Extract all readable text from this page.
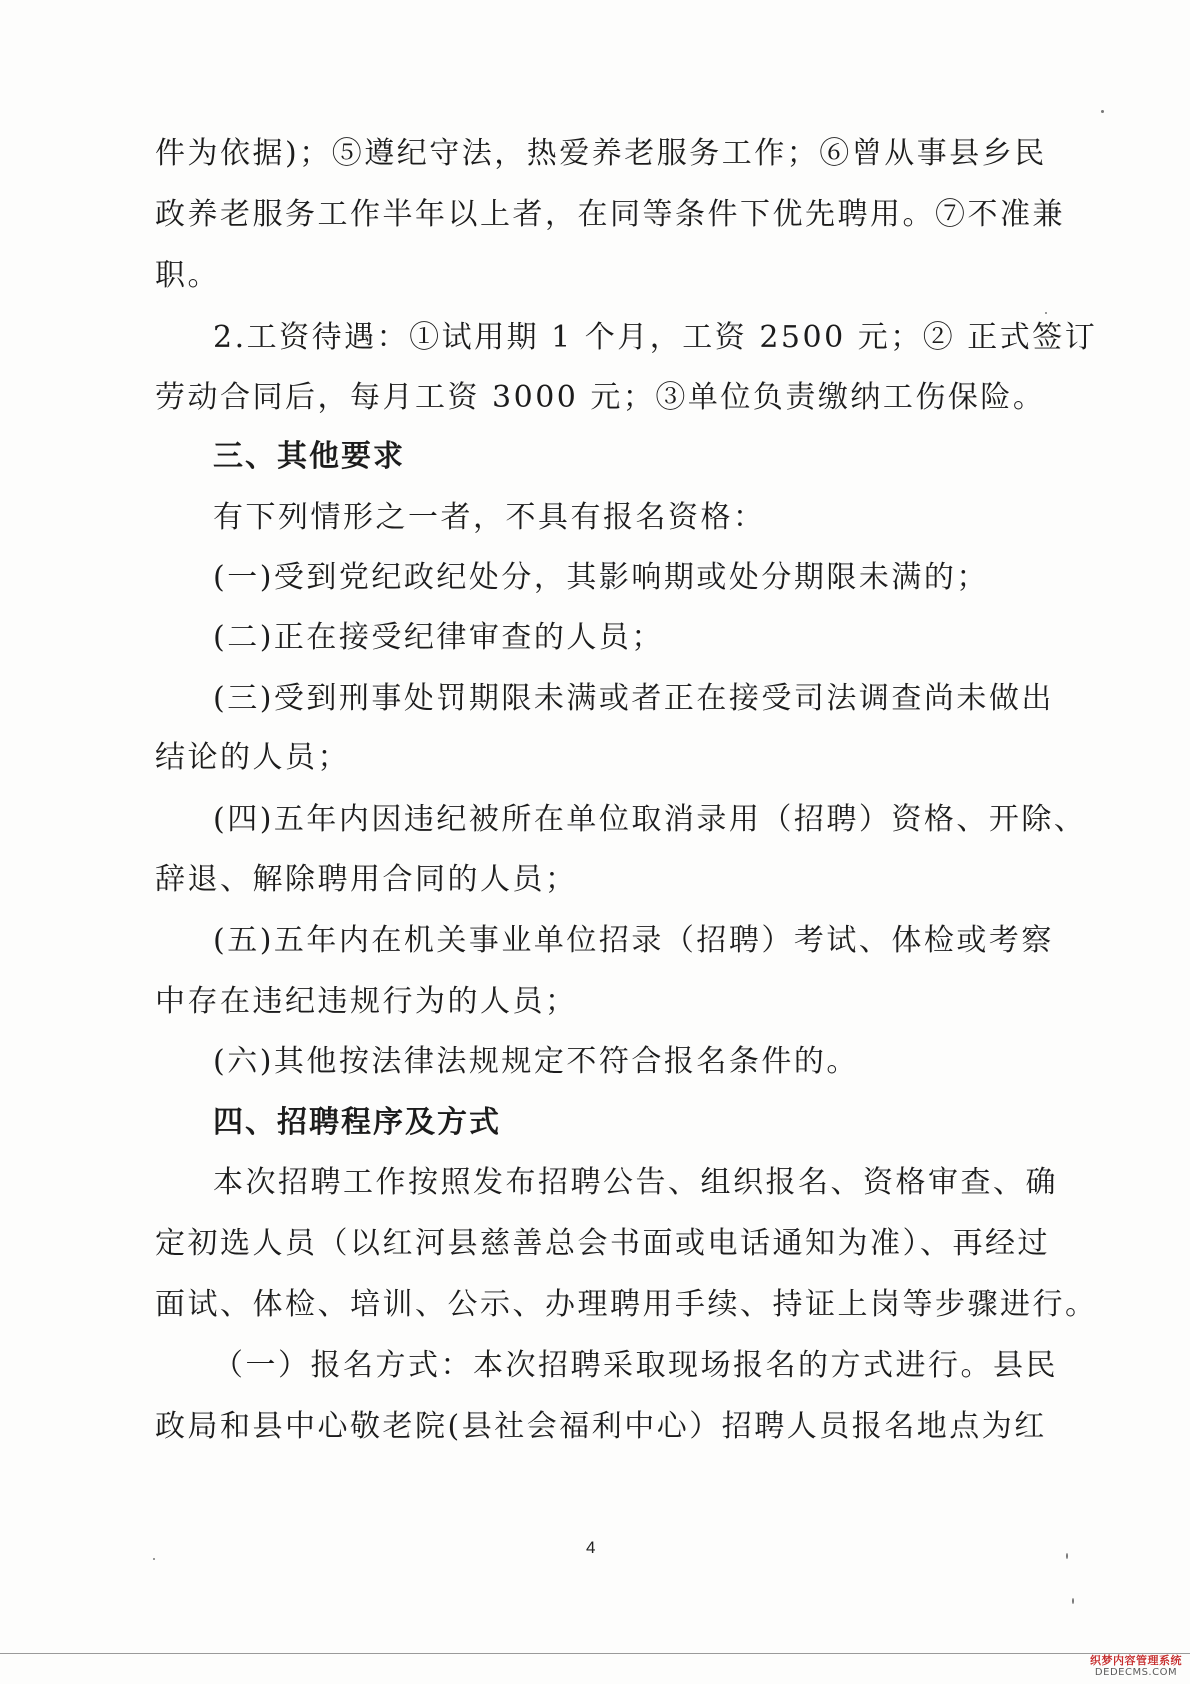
件为依据)；⑤遵纪守法，热爱养老服务工作；⑥曾从事县乡民
政养老服务工作半年以上者，在同等条件下优先聘用。⑦不准兼
职。
2.工资待遇：①试用期 1 个月，工资 2500 元；② 正式签订
劳动合同后，每月工资 3000 元；③单位负责缴纳工伤保险。
三、其他要求
有下列情形之一者，不具有报名资格：
(一)受到党纪政纪处分，其影响期或处分期限未满的；
(二)正在接受纪律审查的人员；
(三)受到刑事处罚期限未满或者正在接受司法调查尚未做出
结论的人员；
(四)五年内因违纪被所在单位取消录用（招聘）资格、开除、
辞退、解除聘用合同的人员；
(五)五年内在机关事业单位招录（招聘）考试、体检或考察
中存在违纪违规行为的人员；
(六)其他按法律法规规定不符合报名条件的。
四、招聘程序及方式
本次招聘工作按照发布招聘公告、组织报名、资格审查、确
定初选人员（以红河县慈善总会书面或电话通知为准）、再经过
面试、体检、培训、公示、办理聘用手续、持证上岗等步骤进行。
（一）报名方式：本次招聘采取现场报名的方式进行。县民
政局和县中心敬老院(县社会福利中心）招聘人员报名地点为红
4
织梦内容管理系统
DEDECMS.COM
